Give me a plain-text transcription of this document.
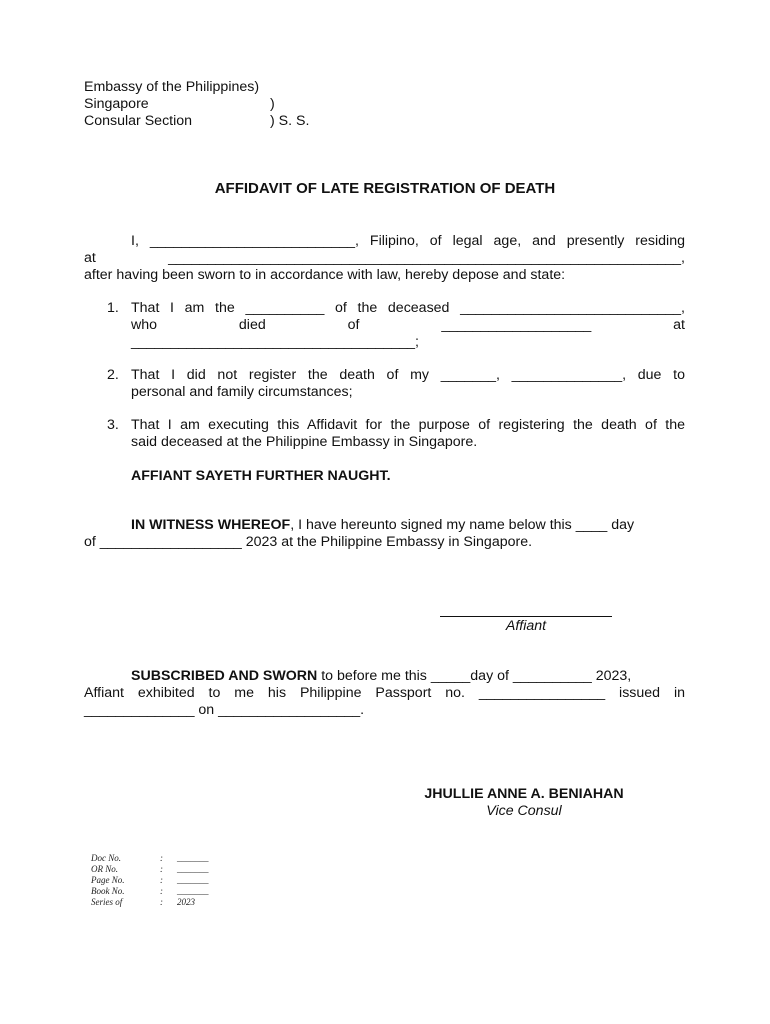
Embassy of the Philippines)
Singapore	)
Consular Section	) S. S.
AFFIDAVIT OF LATE REGISTRATION OF DEATH
I, __________________________, Filipino, of legal age, and presently residing
at	_________________________________________________________________,
after having been sworn to in accordance with law, hereby depose and state:
1. That I am the __________ of the deceased ____________________________,
who	died	of	___________________	at
____________________________________;
2. That I did not register the death of my _______, ______________, due to
personal and family circumstances;
3. That I am executing this Affidavit for the purpose of registering the death of the
said deceased at the Philippine Embassy in Singapore.
AFFIANT SAYETH FURTHER NAUGHT.
IN WITNESS WHEREOF, I have hereunto signed my name below this ____ day
of __________________ 2023 at the Philippine Embassy in Singapore.
Affiant
SUBSCRIBED AND SWORN to before me this _____day of __________ 2023,
Affiant exhibited to me his Philippine Passport no. ________________ issued in
______________ on __________________.
JHULLIE ANNE A. BENIAHAN
Vice Consul
Doc No.	: _______
OR No.	: _______
Page No.	: _______
Book No.	: _______
Series of	: 2023
